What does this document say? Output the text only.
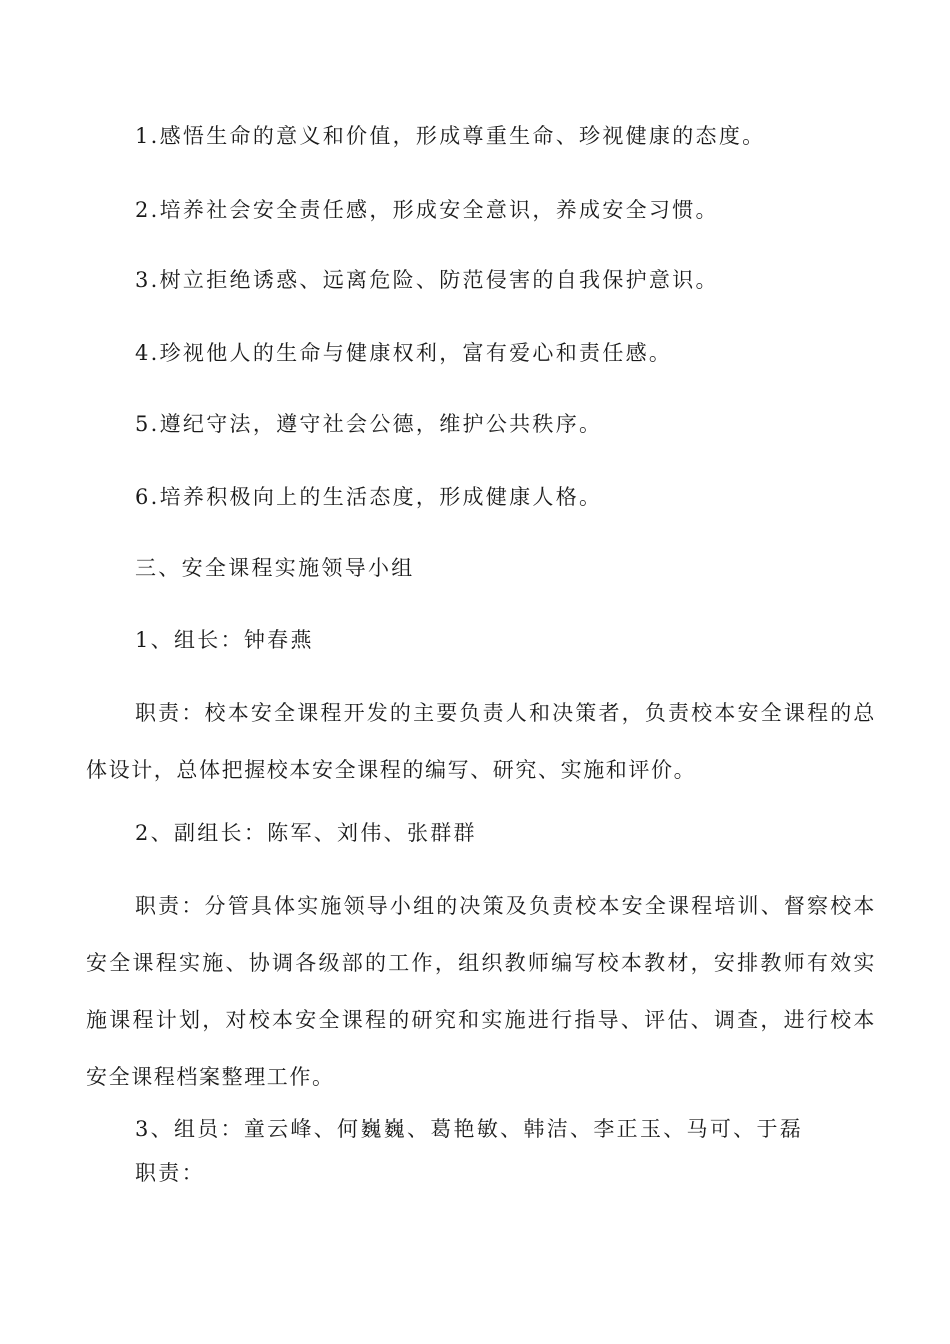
1.感悟生命的意义和价值，形成尊重生命、珍视健康的态度。

2.培养社会安全责任感，形成安全意识，养成安全习惯。

3.树立拒绝诱惑、远离危险、防范侵害的自我保护意识。

4.珍视他人的生命与健康权利，富有爱心和责任感。

5.遵纪守法，遵守社会公德，维护公共秩序。

6.培养积极向上的生活态度，形成健康人格。

三、安全课程实施领导小组

1、组长：钟春燕

职责：校本安全课程开发的主要负责人和决策者，负责校本安全课程的总体设计，总体把握校本安全课程的编写、研究、实施和评价。

2、副组长：陈军、刘伟、张群群

职责：分管具体实施领导小组的决策及负责校本安全课程培训、督察校本安全课程实施、协调各级部的工作，组织教师编写校本教材，安排教师有效实施课程计划，对校本安全课程的研究和实施进行指导、评估、调查，进行校本安全课程档案整理工作。

3、组员：童云峰、何巍巍、葛艳敏、韩洁、李正玉、马可、于磊

职责：
